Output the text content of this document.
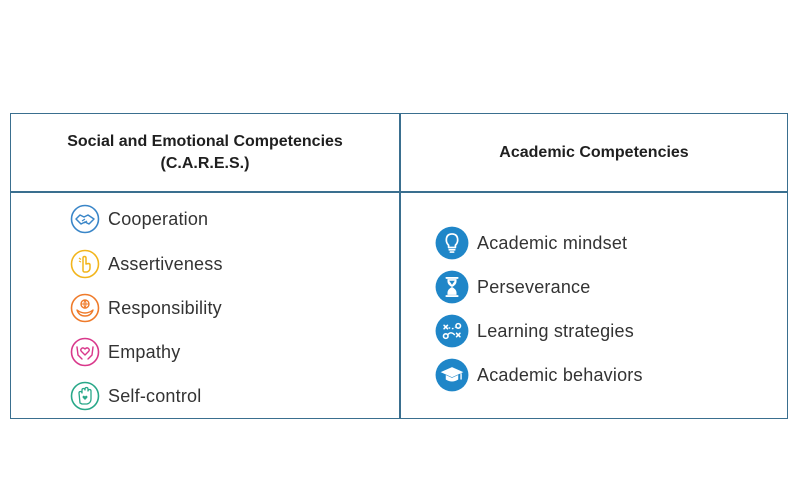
Social and Emotional Competencies
(C.A.R.E.S.)
Academic Competencies
Cooperation
Assertiveness
Responsibility
Empathy
Self-control
Academic mindset
Perseverance
Learning strategies
Academic behaviors
